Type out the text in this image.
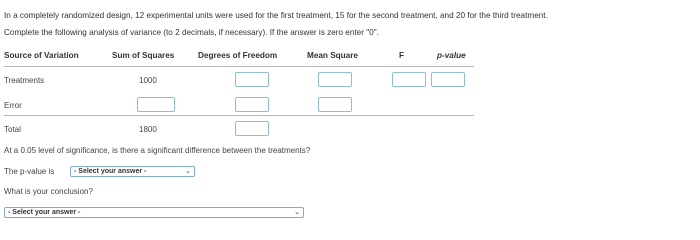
In a completely randomized design, 12 experimental units were used for the first treatment, 15 for the second treatment, and 20 for the third treatment.
Complete the following analysis of variance (to 2 decimals, if necessary). If the answer is zero enter "0".
Source of Variation	Sum of Squares	Degrees of Freedom	Mean Square	F	p-value
Treatments	1000
Error
Total	1800
At a 0.05 level of significance, is there a significant difference between the treatments?
The p-value is	- Select your answer -	⌄
What is your conclusion?
- Select your answer -	⌄
